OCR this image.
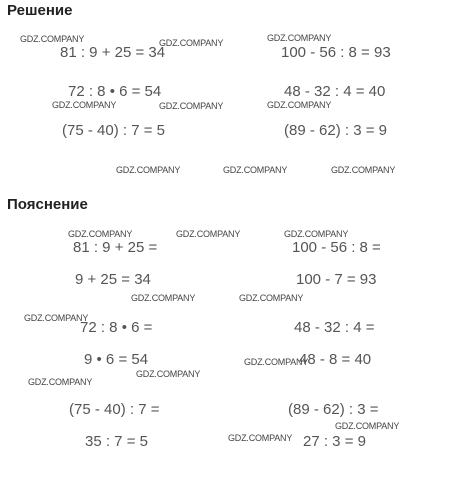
Решение
81 : 9 + 25 = 34	100 - 56 : 8 = 93
72 : 8 • 6 = 54	48 - 32 : 4 = 40
(75 - 40) : 7 = 5	(89 - 62) : 3 = 9
Пояснение
81 : 9 + 25 =	100 - 56 : 8 =
9 + 25 = 34	100 - 7 = 93
72 : 8 • 6 =	48 - 32 : 4 =
9 • 6 = 54	48 - 8 = 40
(75 - 40) : 7 =	(89 - 62) : 3 =
35 : 7 = 5	27 : 3 = 9
GDZ.COMPANY	GDZ.COMPANY	GDZ.COMPANY
GDZ.COMPANY	GDZ.COMPANY	GDZ.COMPANY
GDZ.COMPANY	GDZ.COMPANY	GDZ.COMPANY
GDZ.COMPANY	GDZ.COMPANY	GDZ.COMPANY
GDZ.COMPANY	GDZ.COMPANY
GDZ.COMPANY
GDZ.COMPANY
GDZ.COMPANY
GDZ.COMPANY
GDZ.COMPANY
GDZ.COMPANY
